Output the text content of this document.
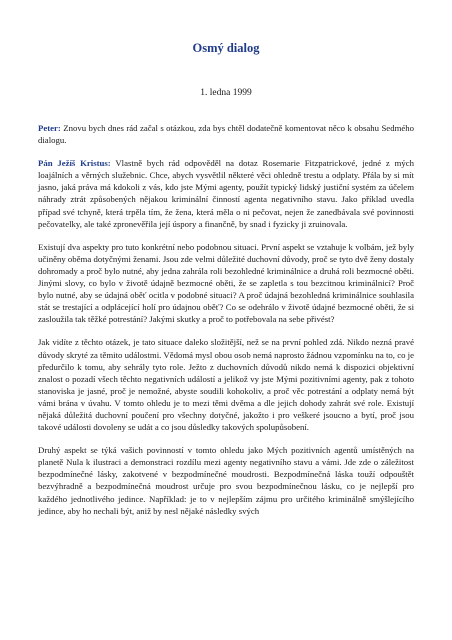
Osmý dialog
1. ledna 1999

Peter: Znovu bych dnes rád začal s otázkou, zda bys chtěl dodatečně komentovat něco k obsahu Sedmého dialogu.

Pán Ježíš Kristus: Vlastně bych rád odpověděl na dotaz Rosemarie Fitzpatrickové, jedné z mých loajálních a věrných služebnic. Chce, abych vysvětlil některé věci ohledně trestu a odplaty. Přála by si mít jasno, jaká práva má kdokoli z vás, kdo jste Mými agenty, použít typický lidský justiční systém za účelem náhrady ztrát způsobených nějakou kriminální činností agenta negativního stavu. Jako příklad uvedla případ své tchyně, která trpěla tím, že žena, která měla o ni pečovat, nejen že zanedbávala své povinnosti pečovatelky, ale také zpronevěřila její úspory a finančně, by snad i fyzicky ji zruinovala.

Existují dva aspekty pro tuto konkrétní nebo podobnou situaci. První aspekt se vztahuje k volbám, jež byly učiněny oběma dotyčnými ženami. Jsou zde velmi důležité duchovní důvody, proč se tyto dvě ženy dostaly dohromady a proč bylo nutné, aby jedna zahrála roli bezohledné kriminálnice a druhá roli bezmocné oběti. Jinými slovy, co bylo v životě údajně bezmocné oběti, že se zapletla s tou bezcitnou kriminálnicí? Proč bylo nutné, aby se údajná oběť ocitla v podobné situaci? A proč údajná bezohledná kriminálnice souhlasila stát se trestající a odplácející holí pro údajnou oběť? Co se odehrálo v životě údajné bezmocné oběti, že si zasloužila tak těžké potrestání? Jakými skutky a proč to potřebovala na sebe přivést?

Jak vidíte z těchto otázek, je tato situace daleko složitější, než se na první pohled zdá. Nikdo nezná pravé důvody skryté za těmito událostmi. Vědomá mysl obou osob nemá naprosto žádnou vzpomínku na to, co je předurčilo k tomu, aby sehrály tyto role. Ježto z duchovních důvodů nikdo nemá k dispozici objektivní znalost o pozadí všech těchto negativních událostí a jelikož vy jste Mými pozitivními agenty, pak z tohoto stanoviska je jasné, proč je nemožné, abyste soudili kohokoliv, a proč věc potrestání a odplaty nemá být vámi brána v úvahu. V tomto ohledu je to mezi těmi dvěma a dle jejich dohody zahrát své role. Existují nějaká důležitá duchovní poučení pro všechny dotyčné, jakožto i pro veškeré jsoucno a bytí, proč jsou takové události dovoleny se udát a co jsou důsledky takových spolupůsobení.

Druhý aspekt se týká vašich povinností v tomto ohledu jako Mých pozitivních agentů umístěných na planetě Nula k ilustraci a demonstraci rozdílu mezi agenty negativního stavu a vámi. Jde zde o záležitost bezpodmínečné lásky, zakotvené v bezpodmínečné moudrosti. Bezpodmínečná láska touží odpouštět bezvýhradně a bezpodmínečná moudrost určuje pro svou bezpodmínečnou lásku, co je nejlepší pro každého jednotlivého jedince. Například: je to v nejlepším zájmu pro určitého kriminálně smýšlejícího jedince, aby ho nechali být, aniž by nesl nějaké následky svých
